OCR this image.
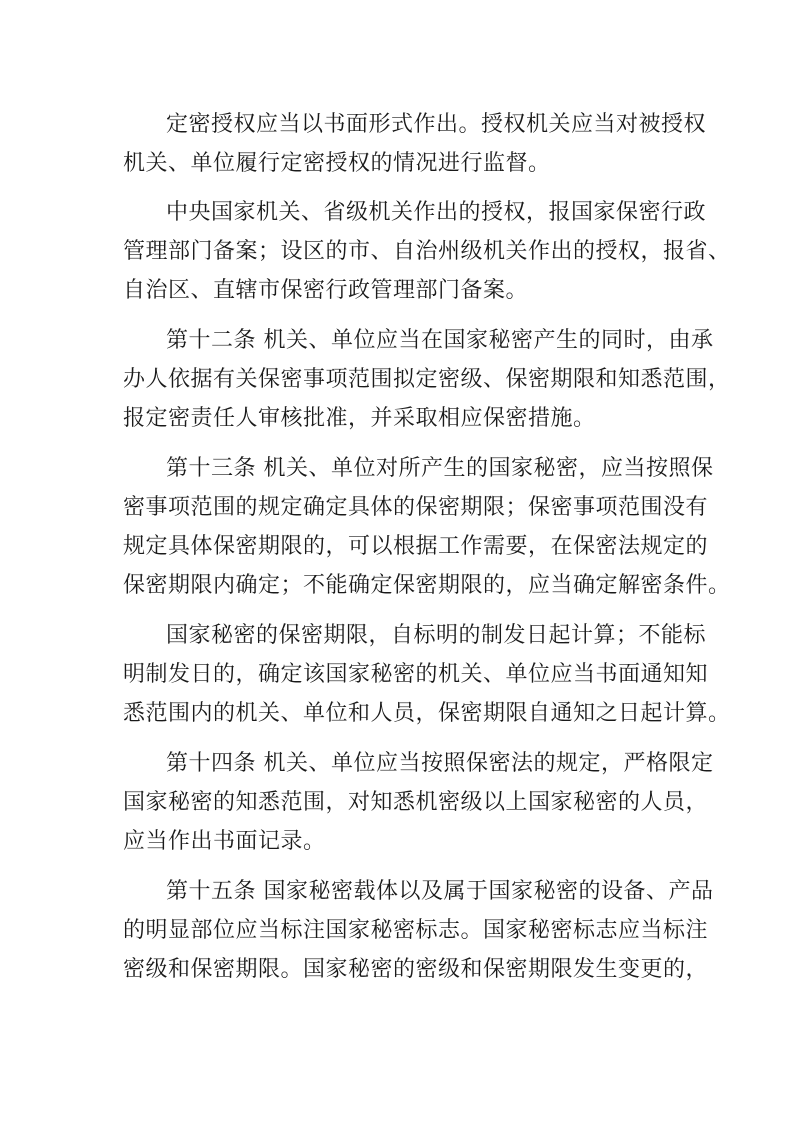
定密授权应当以书面形式作出。授权机关应当对被授权
机关、单位履行定密授权的情况进行监督。
中央国家机关、省级机关作出的授权，报国家保密行政
管理部门备案；设区的市、自治州级机关作出的授权，报省、
自治区、直辖市保密行政管理部门备案。
第十二条 机关、单位应当在国家秘密产生的同时，由承
办人依据有关保密事项范围拟定密级、保密期限和知悉范围，
报定密责任人审核批准，并采取相应保密措施。
第十三条 机关、单位对所产生的国家秘密，应当按照保
密事项范围的规定确定具体的保密期限；保密事项范围没有
规定具体保密期限的，可以根据工作需要，在保密法规定的
保密期限内确定；不能确定保密期限的，应当确定解密条件。
国家秘密的保密期限，自标明的制发日起计算；不能标
明制发日的，确定该国家秘密的机关、单位应当书面通知知
悉范围内的机关、单位和人员，保密期限自通知之日起计算。
第十四条 机关、单位应当按照保密法的规定，严格限定
国家秘密的知悉范围，对知悉机密级以上国家秘密的人员，
应当作出书面记录。
第十五条 国家秘密载体以及属于国家秘密的设备、产品
的明显部位应当标注国家秘密标志。国家秘密标志应当标注
密级和保密期限。国家秘密的密级和保密期限发生变更的，
